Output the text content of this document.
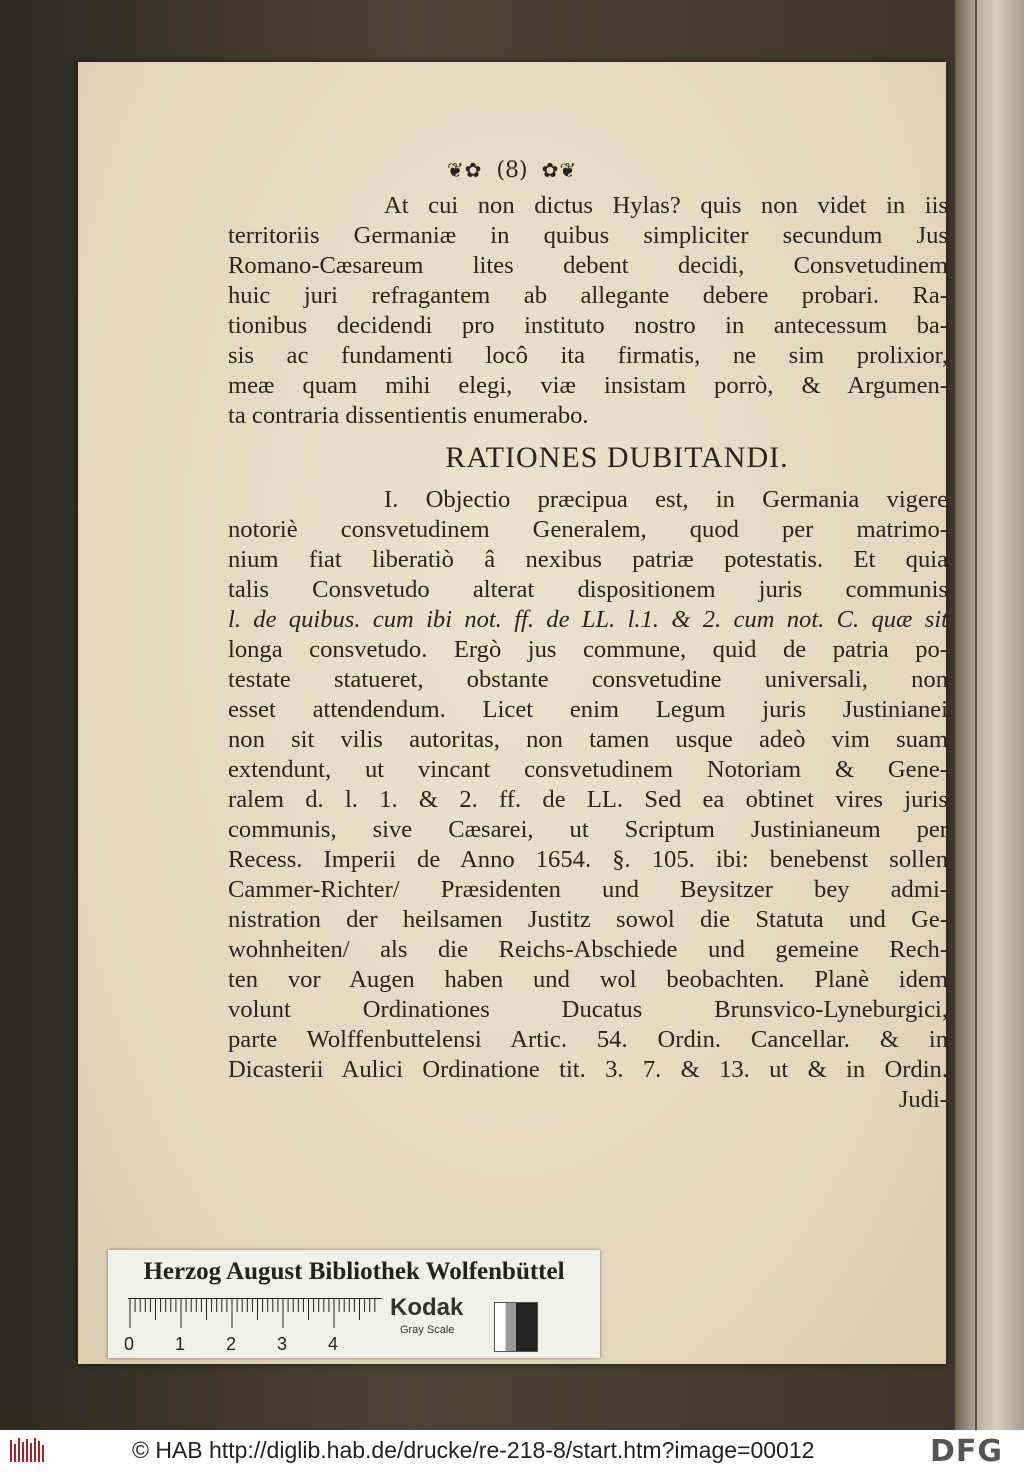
❦✿ (8) ✿❦
At cui non dictus Hylas? quis non videt in iis
territoriis Germaniæ in quibus simpliciter secundum Jus
Romano-Cæsareum lites debent decidi, Consvetudinem
huic juri refragantem ab allegante debere probari. Ra-
tionibus decidendi pro instituto nostro in antecessum ba-
sis ac fundamenti locô ita firmatis, ne sim prolixior,
meæ quam mihi elegi, viæ insistam porrò, & Argumen-
ta contraria dissentientis enumerabo.
RATIONES DUBITANDI.
I. Objectio præcipua est, in Germania vigere
notoriè consvetudinem Generalem, quod per matrimo-
nium fiat liberatiò â nexibus patriæ potestatis. Et quia
talis Consvetudo alterat dispositionem juris communis
l. de quibus. cum ibi not. ff. de LL. l.1. & 2. cum not. C. quæ sit
longa consvetudo. Ergò jus commune, quid de patria po-
testate statueret, obstante consvetudine universali, non
esset attendendum. Licet enim Legum juris Justinianei
non sit vilis autoritas, non tamen usque adeò vim suam
extendunt, ut vincant consvetudinem Notoriam & Gene-
ralem d. l. 1. & 2. ff. de LL. Sed ea obtinet vires juris
communis, sive Cæsarei, ut Scriptum Justinianeum per
Recess. Imperii de Anno 1654. §. 105. ibi: benebenst sollen
Cammer-Richter/ Præsidenten und Beysitzer bey admi-
nistration der heilsamen Justitz sowol die Statuta und Ge-
wohnheiten/ als die Reichs-Abschiede und gemeine Rech-
ten vor Augen haben und wol beobachten. Planè idem
volunt Ordinationes Ducatus Brunsvico-Lyneburgici,
parte Wolffenbuttelensi Artic. 54. Ordin. Cancellar. & in
Dicasterii Aulici Ordinatione tit. 3. 7. & 13. ut & in Ordin.
Judi-
Herzog August Bibliothek Wolfenbüttel
0 1 2 3 4
Kodak
Gray Scale
© HAB http://diglib.hab.de/drucke/re-218-8/start.htm?image=00012	DFG
